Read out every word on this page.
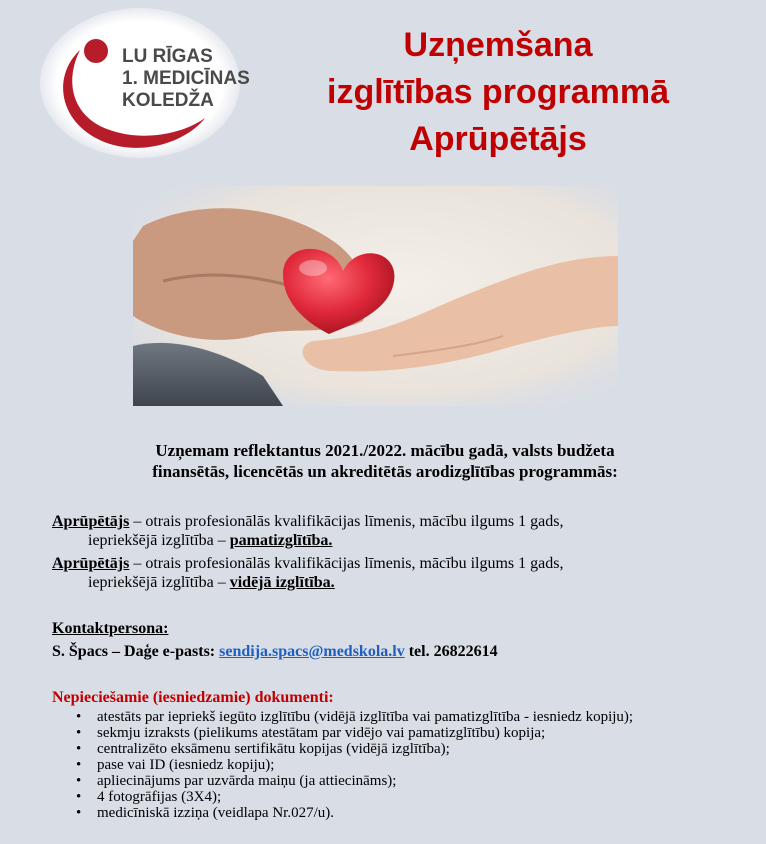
LU RĪGAS
1. MEDICĪNAS
KOLEDŽA
Uzņemšana
izglītības programmā
Aprūpētājs
Uzņemam reflektantus 2021./2022. mācību gadā, valsts budžeta
finansētās, licencētās un akreditētās arodizglītības programmās:
Aprūpētājs – otrais profesionālās kvalifikācijas līmenis, mācību ilgums 1 gads,
iepriekšējā izglītība – pamatizglītība.
Aprūpētājs – otrais profesionālās kvalifikācijas līmenis, mācību ilgums 1 gads,
iepriekšējā izglītība – vidējā izglītība.
Kontaktpersona:
S. Špacs – Daģe e-pasts: sendija.spacs@medskola.lv tel. 26822614
Nepieciešamie (iesniedzamie) dokumenti:
• atestāts par iepriekš iegūto izglītību (vidējā izglītība vai pamatizglītība - iesniedz kopiju);
• sekmju izraksts (pielikums atestātam par vidējo vai pamatizglītību) kopija;
• centralizēto eksāmenu sertifikātu kopijas (vidējā izglītība);
• pase vai ID (iesniedz kopiju);
• apliecinājums par uzvārda maiņu (ja attiecināms);
• 4 fotogrāfijas (3X4);
• medicīniskā izziņa (veidlapa Nr.027/u).
